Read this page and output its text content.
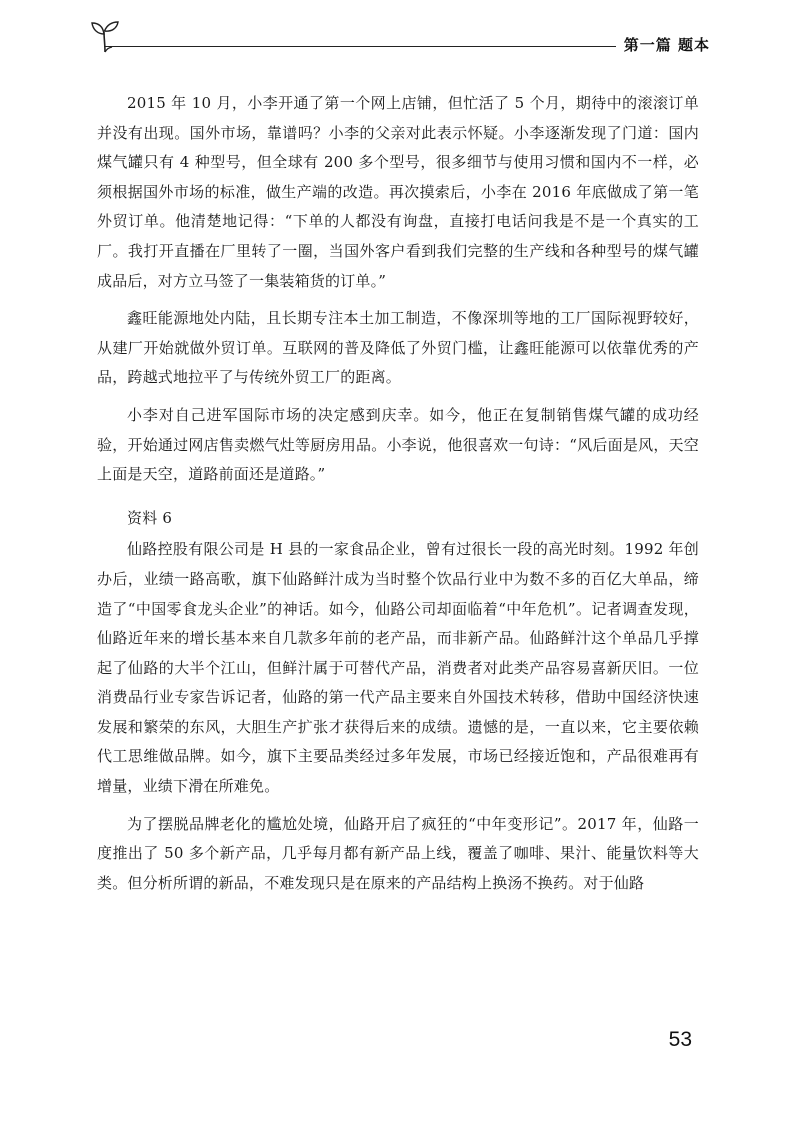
第一篇 题本

2015 年 10 月，小李开通了第一个网上店铺，但忙活了 5 个月，期待中的滚滚订单并没有出现。国外市场，靠谱吗？小李的父亲对此表示怀疑。小李逐渐发现了门道：国内煤气罐只有 4 种型号，但全球有 200 多个型号，很多细节与使用习惯和国内不一样，必须根据国外市场的标准，做生产端的改造。再次摸索后，小李在 2016 年底做成了第一笔外贸订单。他清楚地记得：“下单的人都没有询盘，直接打电话问我是不是一个真实的工厂。我打开直播在厂里转了一圈，当国外客户看到我们完整的生产线和各种型号的煤气罐成品后，对方立马签了一集装箱货的订单。”

鑫旺能源地处内陆，且长期专注本土加工制造，不像深圳等地的工厂国际视野较好，从建厂开始就做外贸订单。互联网的普及降低了外贸门槛，让鑫旺能源可以依靠优秀的产品，跨越式地拉平了与传统外贸工厂的距离。

小李对自己进军国际市场的决定感到庆幸。如今，他正在复制销售煤气罐的成功经验，开始通过网店售卖燃气灶等厨房用品。小李说，他很喜欢一句诗：“风后面是风，天空上面是天空，道路前面还是道路。”

资料 6

仙路控股有限公司是 H 县的一家食品企业，曾有过很长一段的高光时刻。1992 年创办后，业绩一路高歌，旗下仙路鲜汁成为当时整个饮品行业中为数不多的百亿大单品，缔造了“中国零食龙头企业”的神话。如今，仙路公司却面临着“中年危机”。记者调查发现，仙路近年来的增长基本来自几款多年前的老产品，而非新产品。仙路鲜汁这个单品几乎撑起了仙路的大半个江山，但鲜汁属于可替代产品，消费者对此类产品容易喜新厌旧。一位消费品行业专家告诉记者，仙路的第一代产品主要来自外国技术转移，借助中国经济快速发展和繁荣的东风，大胆生产扩张才获得后来的成绩。遗憾的是，一直以来，它主要依赖代工思维做品牌。如今，旗下主要品类经过多年发展，市场已经接近饱和，产品很难再有增量，业绩下滑在所难免。

为了摆脱品牌老化的尴尬处境，仙路开启了疯狂的“中年变形记”。2017 年，仙路一度推出了 50 多个新产品，几乎每月都有新产品上线，覆盖了咖啡、果汁、能量饮料等大类。但分析所谓的新品，不难发现只是在原来的产品结构上换汤不换药。对于仙路

53
